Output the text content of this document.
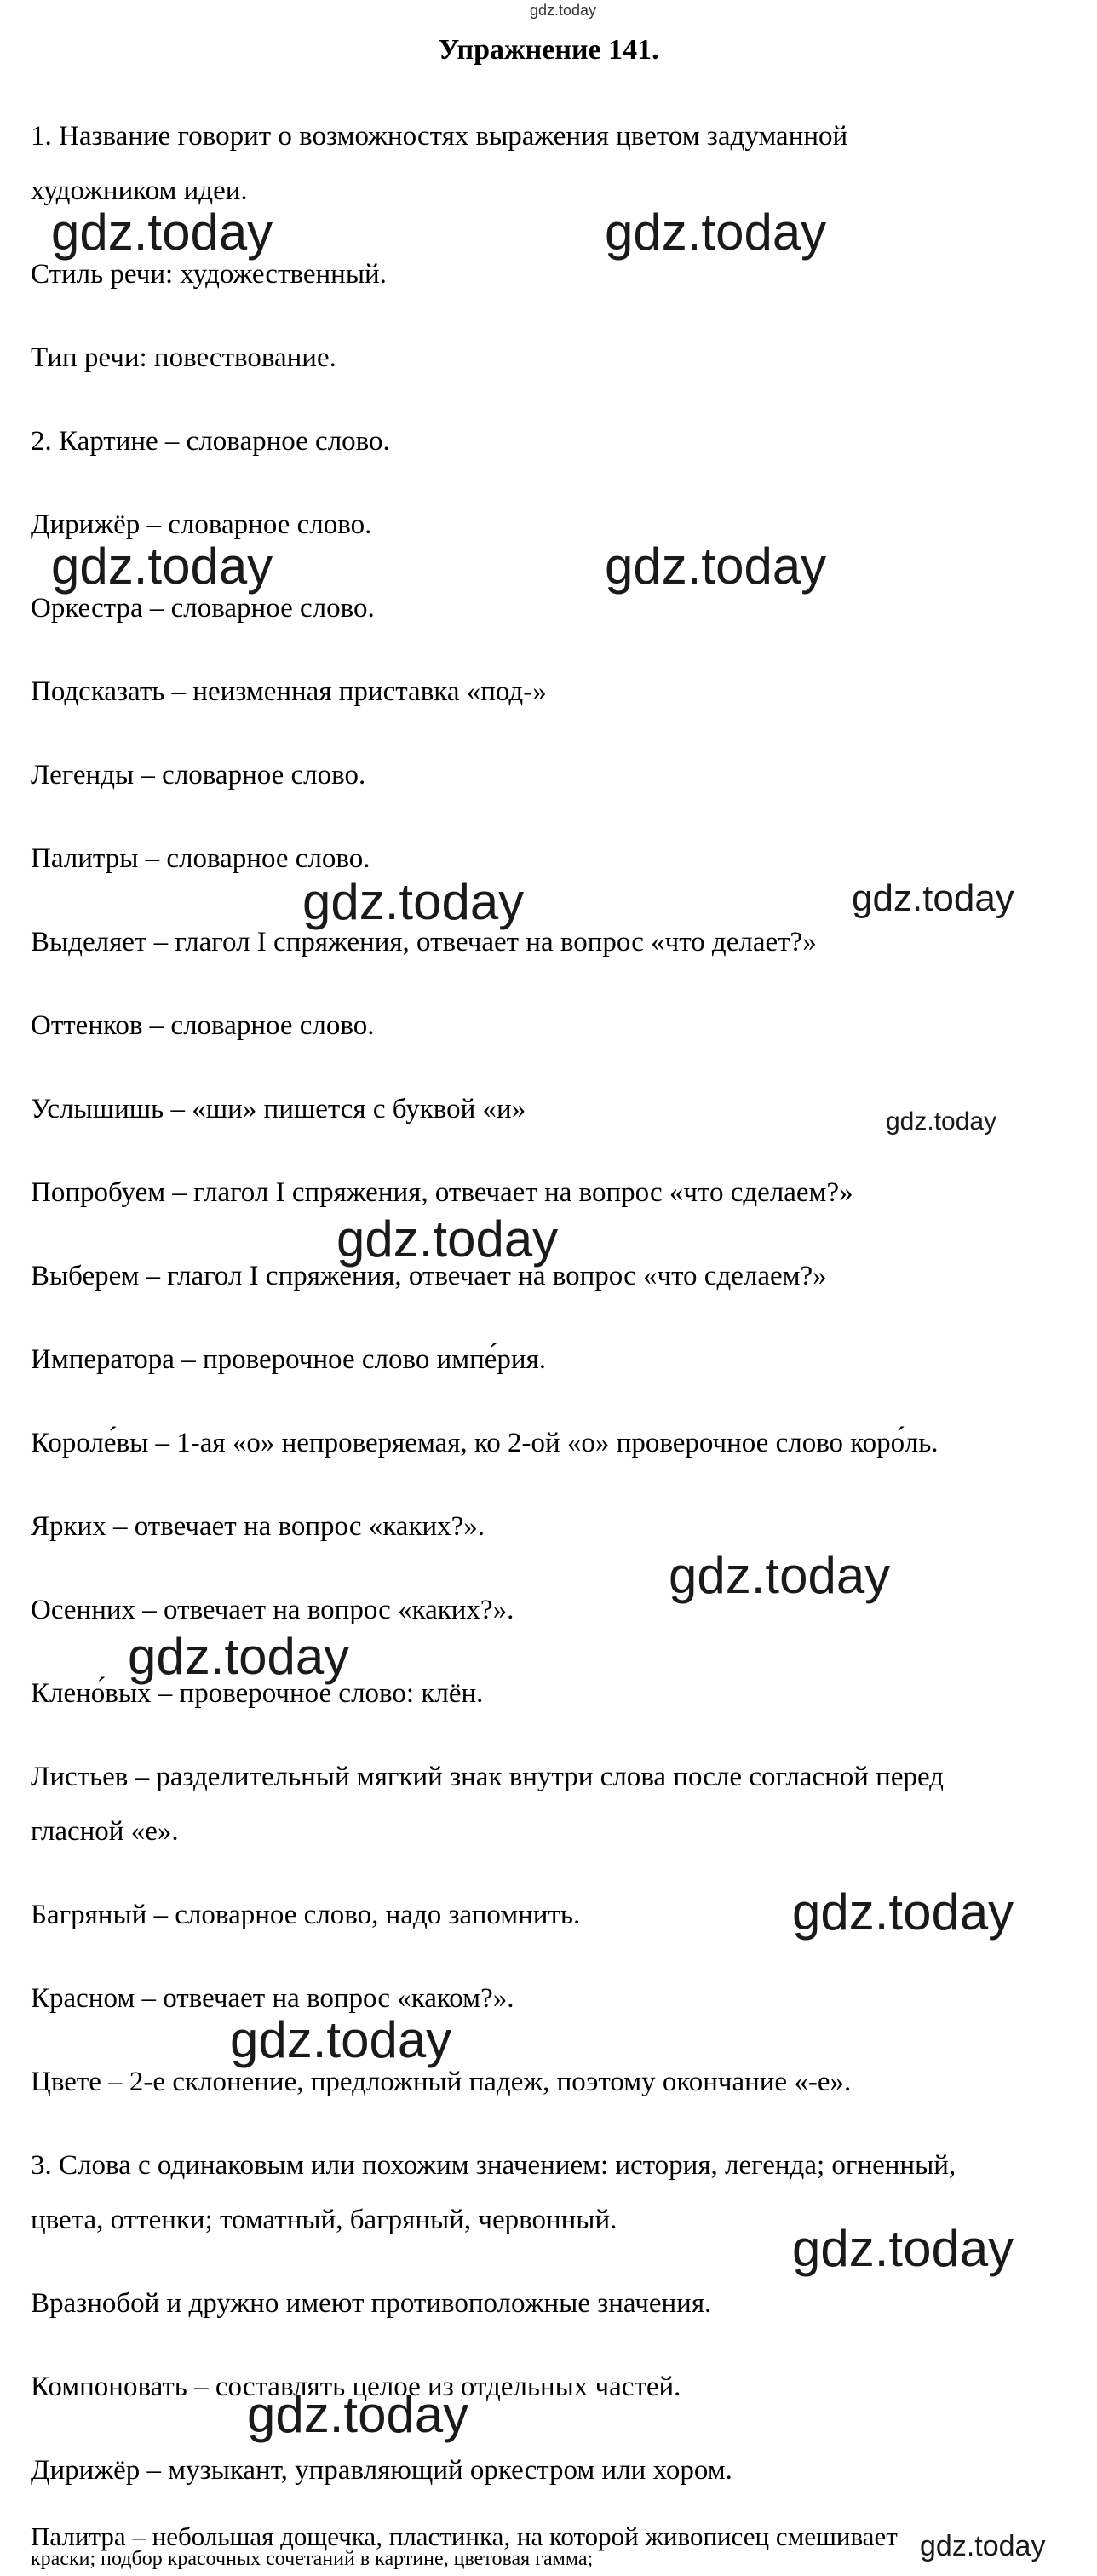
gdz.today
Упражнение 141.
1. Название говорит о возможностях выражения цветом задуманной
художником идеи.
Стиль речи: художественный.
Тип речи: повествование.
2. Картине – словарное слово.
Дирижёр – словарное слово.
Оркестра – словарное слово.
Подсказать – неизменная приставка «под-»
Легенды – словарное слово.
Палитры – словарное слово.
Выделяет – глагол I спряжения, отвечает на вопрос «что делает?»
Оттенков – словарное слово.
Услышишь – «ши» пишется с буквой «и»
Попробуем – глагол I спряжения, отвечает на вопрос «что сделаем?»
Выберем – глагол I спряжения, отвечает на вопрос «что сделаем?»
Императора – проверочное слово импе́рия.
Короле́вы – 1-ая «о» непроверяемая, ко 2-ой «о» проверочное слово коро́ль.
Ярких – отвечает на вопрос «каких?».
Осенних – отвечает на вопрос «каких?».
Клено́вых – проверочное слово: клён.
Листьев – разделительный мягкий знак внутри слова после согласной перед
гласной «е».
Багряный – словарное слово, надо запомнить.
Красном – отвечает на вопрос «каком?».
Цвете – 2-е склонение, предложный падеж, поэтому окончание «-е».
3. Слова с одинаковым или похожим значением: история, легенда; огненный,
цвета, оттенки; томатный, багряный, червонный.
Вразнобой и дружно имеют противоположные значения.
Компоновать – составлять целое из отдельных частей.
Дирижёр – музыкант, управляющий оркестром или хором.
Палитра – небольшая дощечка, пластинка, на которой живописец смешивает
краски; подбор красочных сочетаний в картине, цветовая гамма;
gdz.today	gdz.today
gdz.today	gdz.today
gdz.today	gdz.today
gdz.today
gdz.today
gdz.today
gdz.today
gdz.today
gdz.today
gdz.today
gdz.today
gdz.today
